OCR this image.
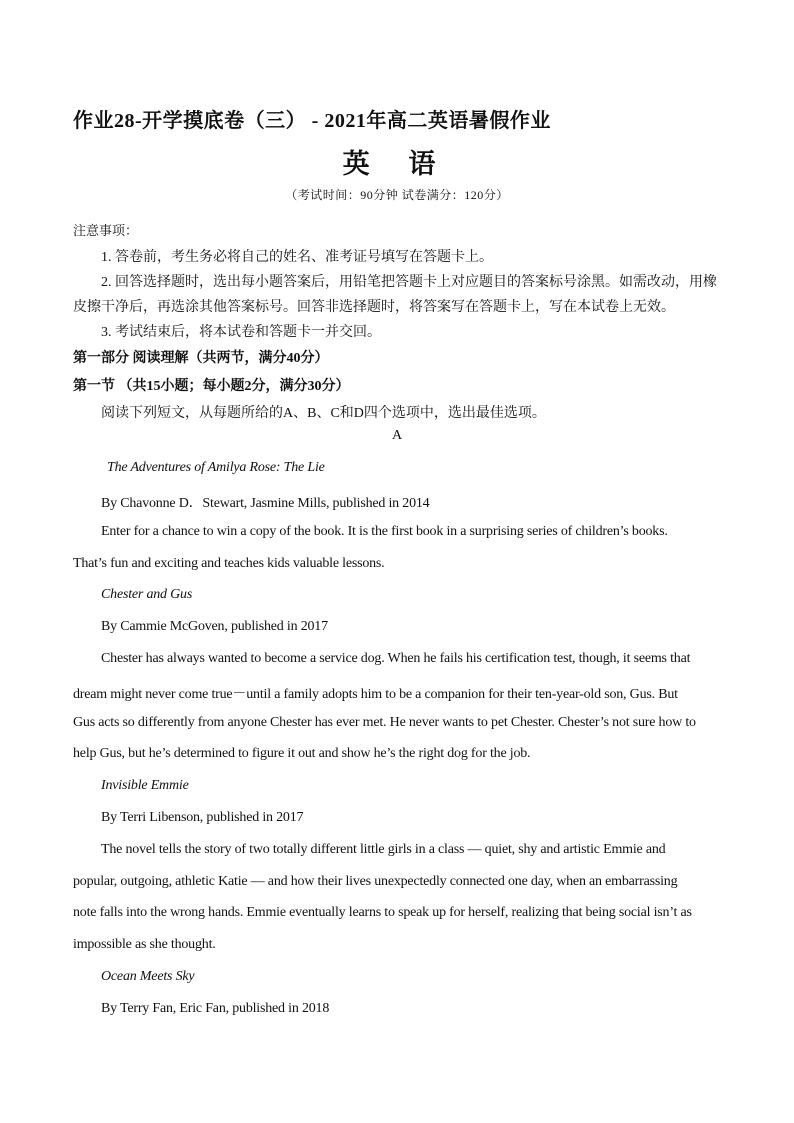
作业28-开学摸底卷（三） - 2021年高二英语暑假作业
英 语
（考试时间：90分钟 试卷满分：120分）
注意事项：
1. 答卷前，考生务必将自己的姓名、准考证号填写在答题卡上。
2. 回答选择题时，选出每小题答案后，用铅笔把答题卡上对应题目的答案标号涂黑。如需改动，用橡
皮擦干净后，再选涂其他答案标号。回答非选择题时，将答案写在答题卡上，写在本试卷上无效。
3. 考试结束后，将本试卷和答题卡一并交回。
第一部分 阅读理解（共两节，满分40分）
第一节 （共15小题；每小题2分，满分30分）
阅读下列短文，从每题所给的A、B、C和D四个选项中，选出最佳选项。
A
The Adventures of Amilya Rose: The Lie
By Chavonne D．Stewart, Jasmine Mills, published in 2014
Enter for a chance to win a copy of the book. It is the first book in a surprising series of children’s books.
That’s fun and exciting and teaches kids valuable lessons.
Chester and Gus
By Cammie McGoven, published in 2017
Chester has always wanted to become a service dog. When he fails his certification test, though, it seems that
dream might never come true－until a family adopts him to be a companion for their ten-year-old son, Gus. But
Gus acts so differently from anyone Chester has ever met. He never wants to pet Chester. Chester’s not sure how to
help Gus, but he’s determined to figure it out and show he’s the right dog for the job.
Invisible Emmie
By Terri Libenson, published in 2017
The novel tells the story of two totally different little girls in a class — quiet, shy and artistic Emmie and
popular, outgoing, athletic Katie — and how their lives unexpectedly connected one day, when an embarrassing
note falls into the wrong hands. Emmie eventually learns to speak up for herself, realizing that being social isn’t as
impossible as she thought.
Ocean Meets Sky
By Terry Fan, Eric Fan, published in 2018
